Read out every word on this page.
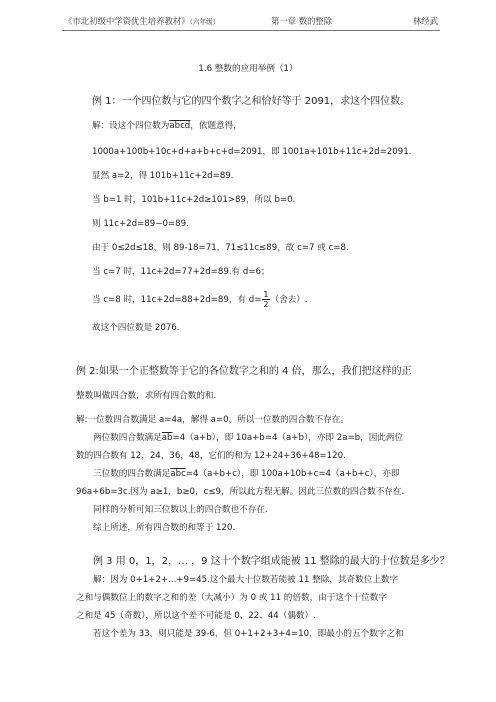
《市北初级中学资优生培养教材》（六年级）	第一章 数的整除	林经武
1.6 整数的应用举例（1）
例 1：一个四位数与它的四个数字之和恰好等于 2091，求这个四位数。
解：设这个四位数为abcd，依题意得，
1000a+100b+10c+d+a+b+c+d=2091，即 1001a+101b+11c+2d=2091.
显然 a=2，得 101b+11c+2d=89.
当 b=1 时，101b+11c+2d≥101>89，所以 b=0.
则 11c+2d=89−0=89.
由于 0≤2d≤18，则 89-18=71，71≤11c≤89，故 c=7 或 c=8.
当 c=7 时，11c+2d=77+2d=89.有 d=6；
当 c=8 时，11c+2d=88+2d=89，有 $d= \frac{1}{2}$ （舍去）.
故这个四位数是 2076.
例 2:如果一个正整数等于它的各位数字之和的 4 倍，那么，我们把这样的正
整数叫做四合数，求所有四合数的和.
解:一位数四合数满足 a=4a，解得 a=0，所以一位数的四合数不存在。
两位数四合数满足$\overline{ab}=4(a+b)$，即 10a+b=4（a+b），亦即 2a=b，因此两位
数的四合数有 12，24，36，48，它们的和为 12+24+36+48=120.
三位数的四合数满足$\overline{abc}=4(a+b+c)$，即 100a+10b+c=4（a+b+c），亦即
96a+6b=3c.因为 a≥1，b≥0，c≤9，所以此方程无解。因此三位数的四合数不存在.
同样的分析可知三位数以上的四合数也不存在.
综上所述，所有四合数的和等于 120.
例 3 用 0，1，2，… ，9 这十个数字组成能被 11 整除的最大的十位数是多少？
解：因为 0+1+2+...+9=45.这个最大十位数若能被 11 整除，其奇数位上数字
之和与偶数位上的数字之和的差（大减小）为 0 或 11 的倍数，由于这个十位数字
之和是 45（奇数），所以这个差不可能是 0、22、44（偶数）.
若这个差为 33，则只能是 39-6，但 0+1+2+3+4=10，即最小的五个数字之和
